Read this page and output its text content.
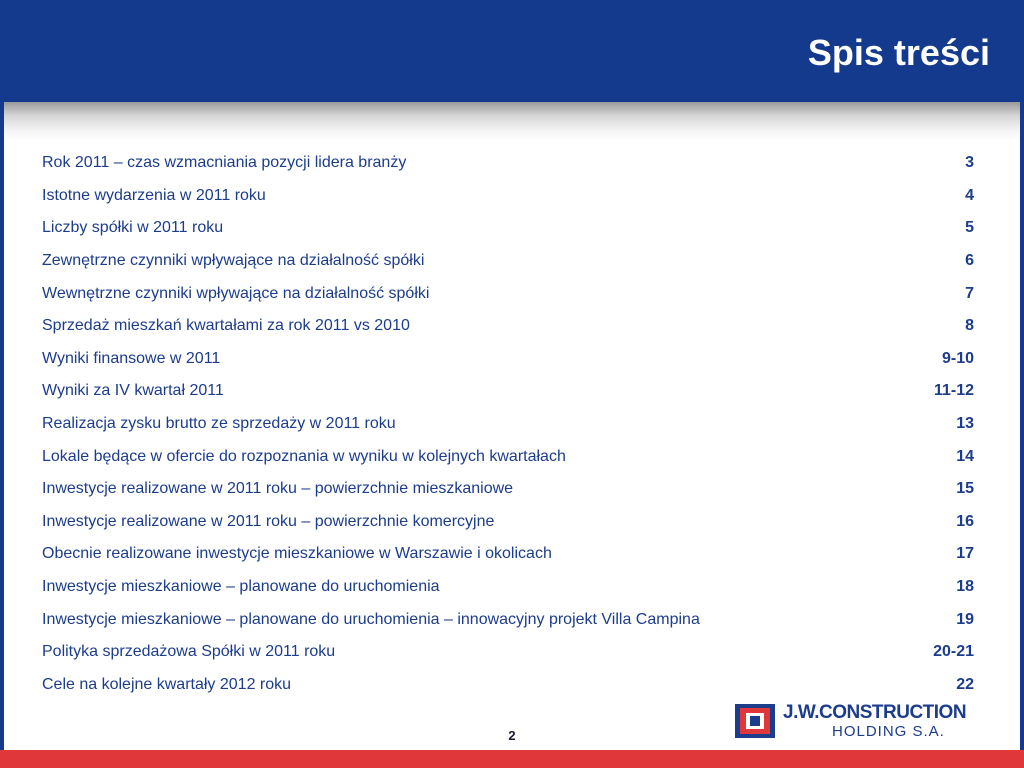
Spis treści
Rok 2011 – czas wzmacniania pozycji lidera branży	3
Istotne wydarzenia w 2011 roku	4
Liczby spółki w 2011 roku	5
Zewnętrzne czynniki wpływające na działalność spółki	6
Wewnętrzne czynniki wpływające na działalność spółki	7
Sprzedaż mieszkań kwartałami za rok 2011 vs 2010	8
Wyniki finansowe w 2011	9-10
Wyniki za IV kwartał 2011	11-12
Realizacja zysku brutto ze sprzedaży w 2011 roku	13
Lokale będące w ofercie do rozpoznania w wyniku w kolejnych kwartałach	14
Inwestycje realizowane w 2011 roku – powierzchnie mieszkaniowe	15
Inwestycje realizowane w 2011 roku – powierzchnie komercyjne	16
Obecnie realizowane inwestycje mieszkaniowe w Warszawie i okolicach	17
Inwestycje mieszkaniowe – planowane do uruchomienia	18
Inwestycje mieszkaniowe – planowane do uruchomienia – innowacyjny projekt Villa Campina	19
Polityka sprzedażowa Spółki w 2011 roku	20-21
Cele na kolejne kwartały 2012 roku	22
2
J.W.CONSTRUCTION
HOLDING S.A.
